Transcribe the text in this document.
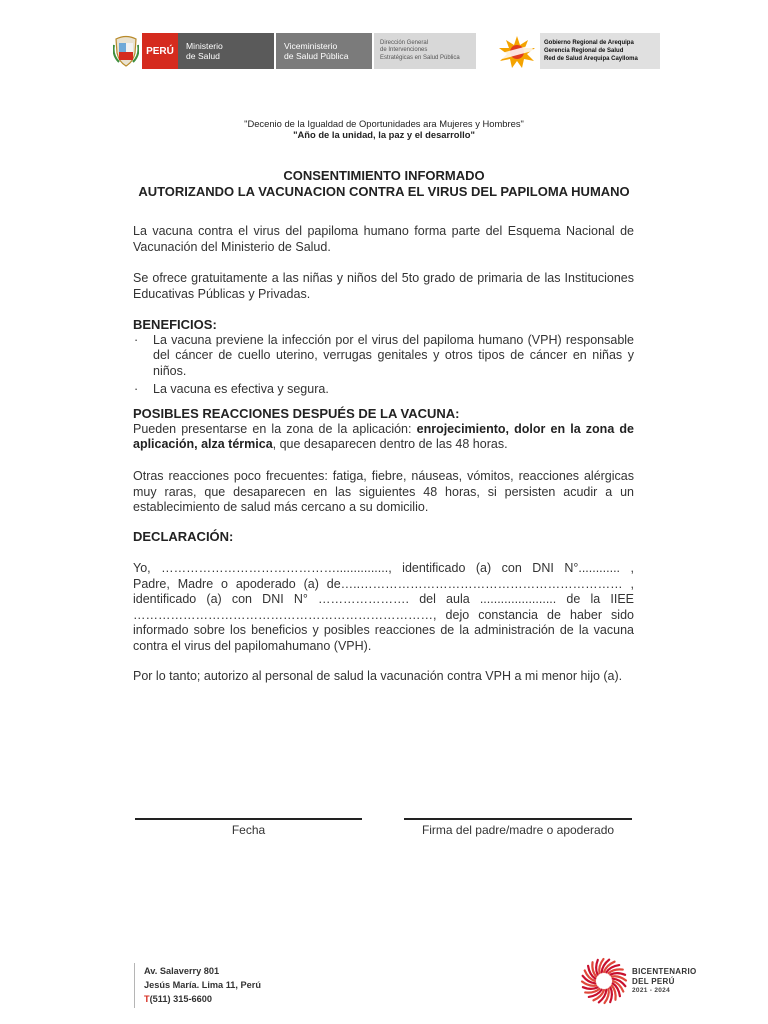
PERÚ Ministerio
de Salud
Viceministerio
de Salud Pública
Dirección General
de Intervenciones
Estratégicas en Salud Pública
Gobierno Regional de Arequipa
Gerencia Regional de Salud
Red de Salud Arequipa Caylloma
"Decenio de la Igualdad de Oportunidades ara Mujeres y Hombres"
"Año de la unidad, la paz y el desarrollo"
CONSENTIMIENTO INFORMADO
AUTORIZANDO LA VACUNACION CONTRA EL VIRUS DEL PAPILOMA HUMANO

La vacuna contra el virus del papiloma humano forma parte del Esquema Nacional de Vacunación del Ministerio de Salud.

Se ofrece gratuitamente a las niñas y niños del 5to grado de primaria de las Instituciones Educativas Públicas y Privadas.

BENEFICIOS:

· La vacuna previene la infección por el virus del papiloma humano (VPH) responsable del cáncer de cuello uterino, verrugas genitales y otros tipos de cáncer en niñas y niños.

· La vacuna es efectiva y segura.

POSIBLES REACCIONES DESPUÉS DE LA VACUNA:

Pueden presentarse en la zona de la aplicación: enrojecimiento, dolor en la zona de aplicación, alza térmica, que desaparecen dentro de las 48 horas.

Otras reacciones poco frecuentes: fatiga, fiebre, náuseas, vómitos, reacciones alérgicas muy raras, que desaparecen en las siguientes 48 horas, si persisten acudir a un establecimiento de salud más cercano a su domicilio.

DECLARACIÓN:

Yo, ……………………………………..............., identificado (a) con DNI N°............ ,

Padre, Madre o apoderado (a) de…..……………………………………………………… ,

identificado (a) con DNI N° …………………. del aula ...................... de la IIEE

………………………………………………………………, dejo constancia de haber sido

informado sobre los beneficios y posibles reacciones de la administración de la vacuna contra el virus del papilomahumano (VPH).

Por lo tanto; autorizo al personal de salud la vacunación contra VPH a mi menor hijo (a).

Fecha	Firma del padre/madre o apoderado
Av. Salaverry 801
Jesús María. Lima 11, Perú
T(511) 315-6600
BICENTENARIO
DEL PERÚ
2021 - 2024
